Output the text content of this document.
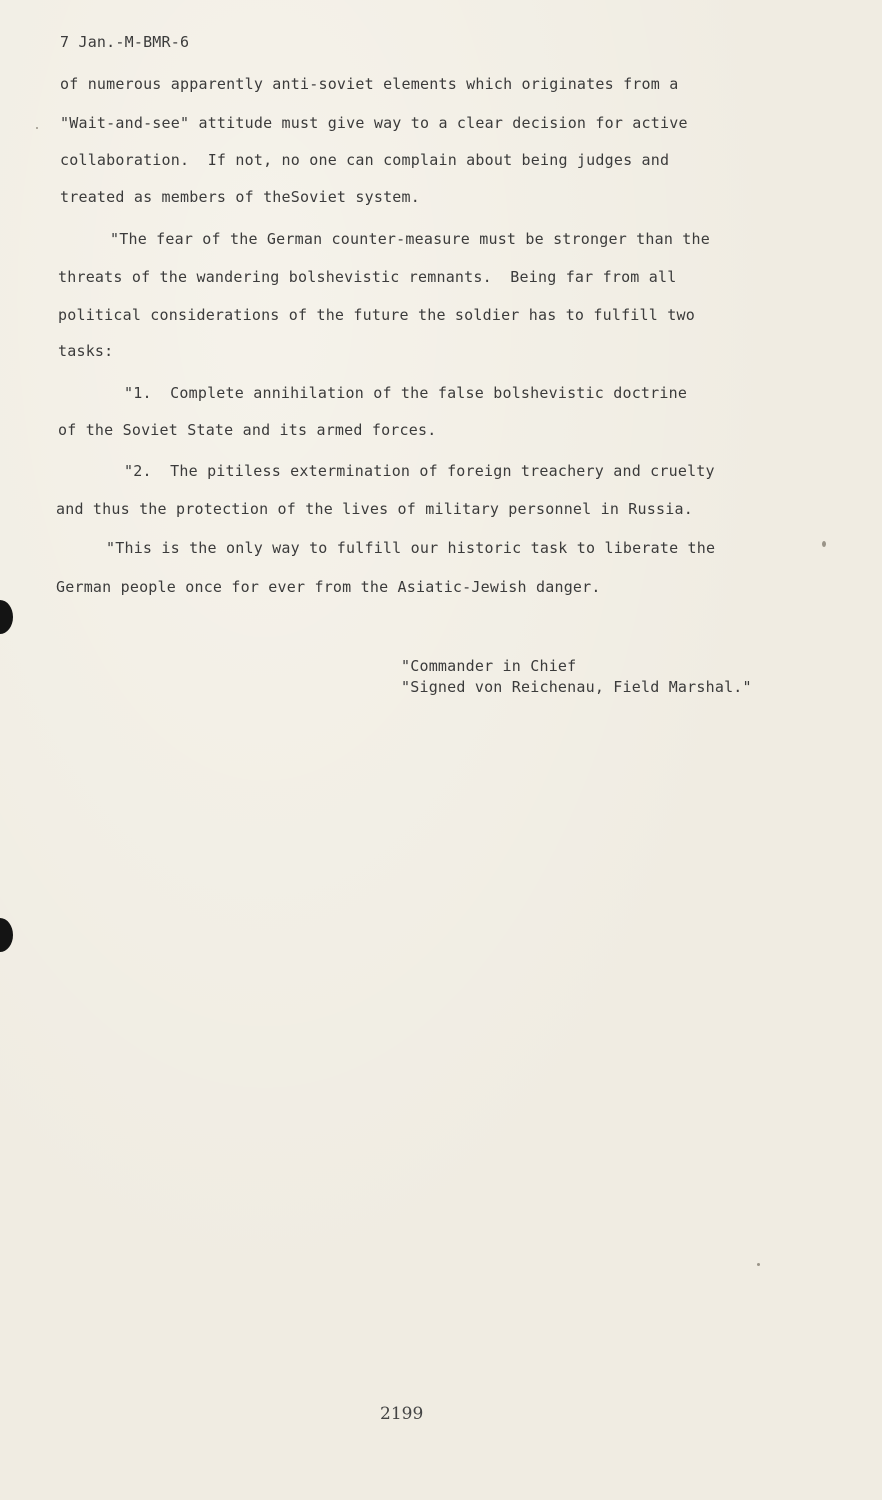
7 Jan.-M-BMR-6
of numerous apparently anti-soviet elements which originates from a
"Wait-and-see" attitude must give way to a clear decision for active
collaboration.  If not, no one can complain about being judges and
treated as members of theSoviet system.
"The fear of the German counter-measure must be stronger than the
threats of the wandering bolshevistic remnants.  Being far from all
political considerations of the future the soldier has to fulfill two
tasks:
"1.  Complete annihilation of the false bolshevistic doctrine
of the Soviet State and its armed forces.
"2.  The pitiless extermination of foreign treachery and cruelty
and thus the protection of the lives of military personnel in Russia.
"This is the only way to fulfill our historic task to liberate the
German people once for ever from the Asiatic-Jewish danger.
"Commander in Chief
"Signed von Reichenau, Field Marshal."
2199
